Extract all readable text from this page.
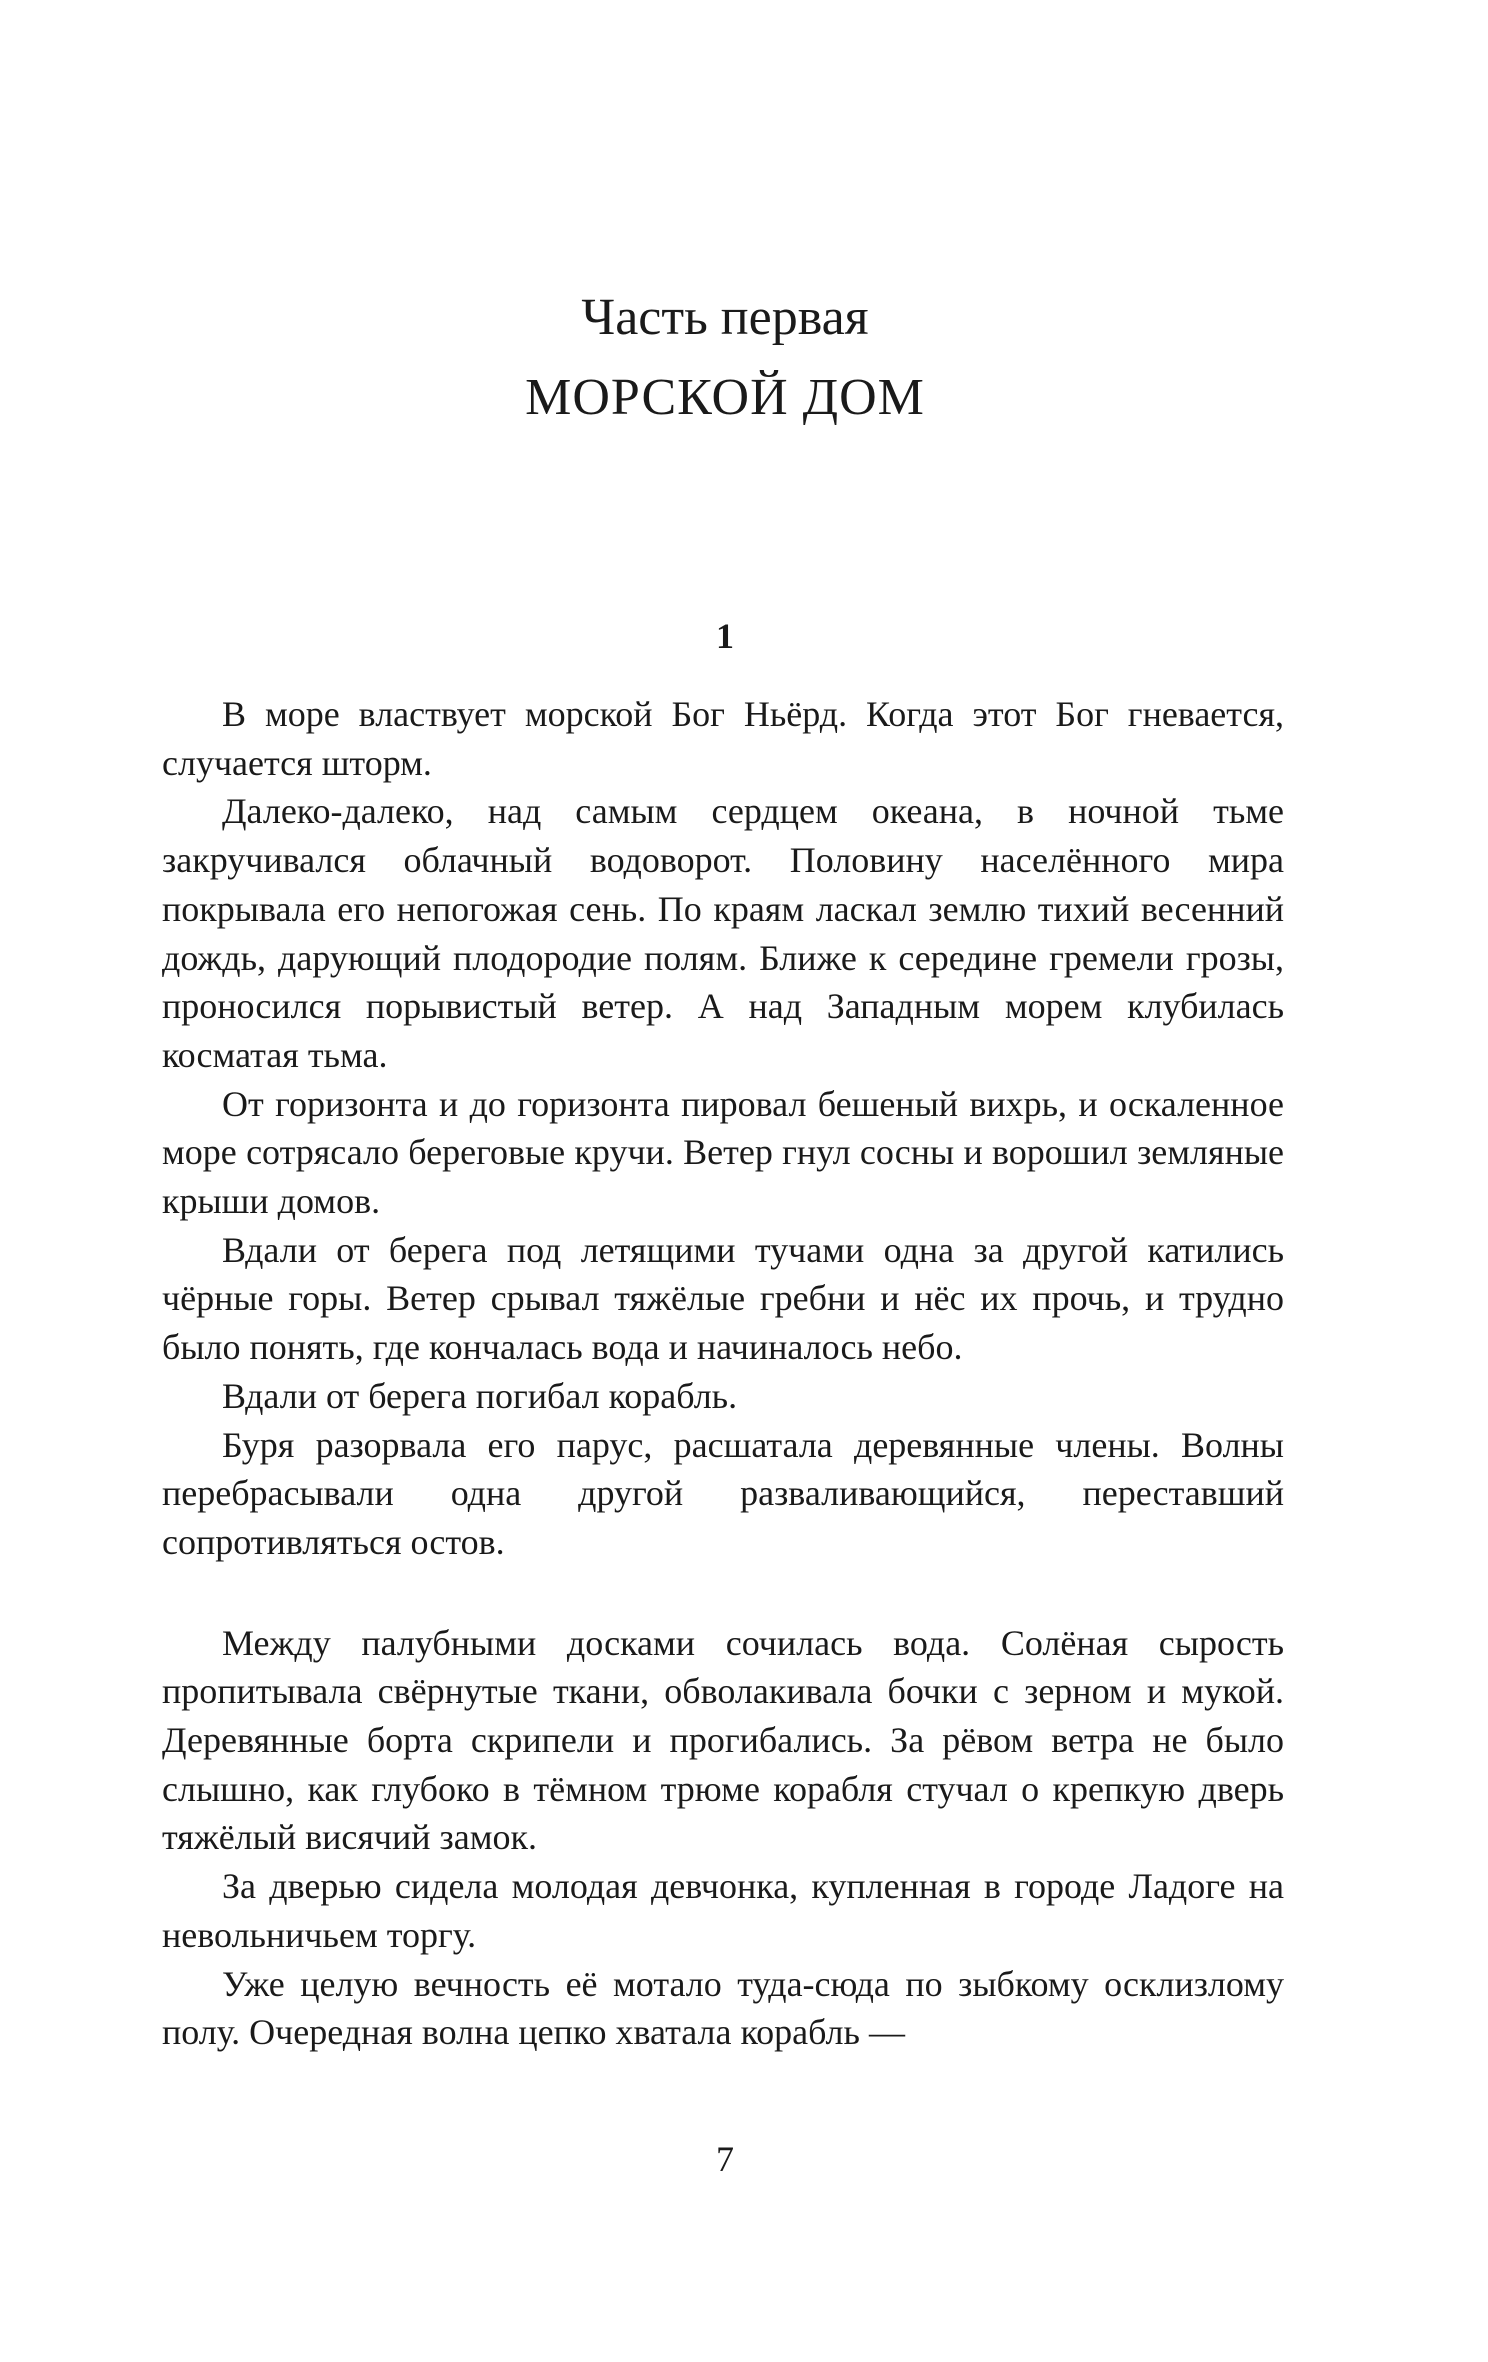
Часть первая
МОРСКОЙ ДОМ
1

В море властвует морской Бог Ньёрд. Когда этот Бог гневается, случается шторм.

Далеко-далеко, над самым сердцем океана, в ночной тьме закручивался облачный водоворот. Половину населённого мира покрывала его непогожая сень. По краям ласкал землю тихий весенний дождь, дарующий плодородие полям. Ближе к середине гремели грозы, проносился порывистый ветер. А над Западным морем клубилась косматая тьма.

От горизонта и до горизонта пировал бешеный вихрь, и оскаленное море сотрясало береговые кручи. Ветер гнул сосны и ворошил земляные крыши домов.

Вдали от берега под летящими тучами одна за другой катились чёрные горы. Ветер срывал тяжёлые гребни и нёс их прочь, и трудно было понять, где кончалась вода и начиналось небо.

Вдали от берега погибал корабль.

Буря разорвала его парус, расшатала деревянные члены. Волны перебрасывали одна другой разваливающийся, переставший сопротивляться остов.

Между палубными досками сочилась вода. Солёная сырость пропитывала свёрнутые ткани, обволакивала бочки с зерном и мукой. Деревянные борта скрипели и прогибались. За рёвом ветра не было слышно, как глубоко в тёмном трюме корабля стучал о крепкую дверь тяжёлый висячий замок.

За дверью сидела молодая девчонка, купленная в городе Ладоге на невольничьем торгу.

Уже целую вечность её мотало туда-сюда по зыбкому осклизлому полу. Очередная волна цепко хватала корабль —

7
